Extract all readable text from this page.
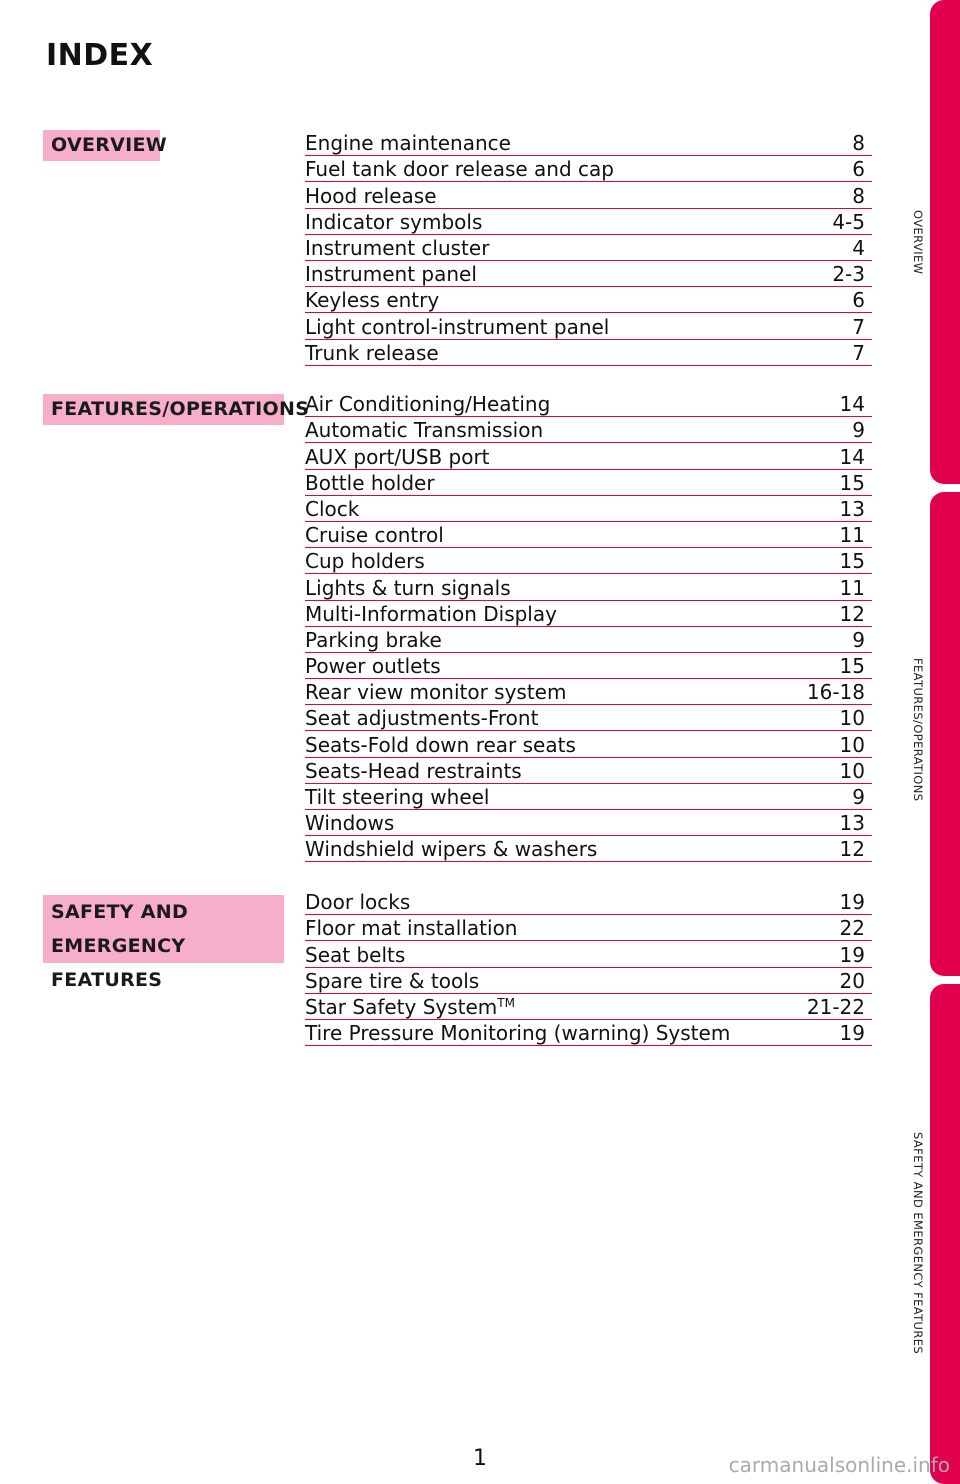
INDEX
OVERVIEW	Engine maintenance	8
Fuel tank door release and cap	6
Hood release	8
Indicator symbols	4-5
Instrument cluster	4
Instrument panel	2-3
Keyless entry	6
Light control-instrument panel	7
Trunk release	7
FEATURES/OPERATIONS
Air Conditioning/Heating	14
Automatic Transmission	9
AUX port/USB port	14
Bottle holder	15
Clock	13
Cruise control	11
Cup holders	15
Lights & turn signals	11
Multi-Information Display	12
Parking brake	9
Power outlets	15
Rear view monitor system	16-18
Seat adjustments-Front	10
Seats-Fold down rear seats	10
Seats-Head restraints	10
Tilt steering wheel	9
Windows	13
Windshield wipers & washers	12
SAFETY AND
EMERGENCY FEATURES
Door locks	19
Floor mat installation	22
Seat belts	19
Spare tire & tools	20
Star Safety System™	21-22
Tire Pressure Monitoring (warning) System	19
OVERVIEW
FEATURES/OPERATIONS
SAFETY AND EMERGENCY FEATURES
1	carmanualsonline.info
